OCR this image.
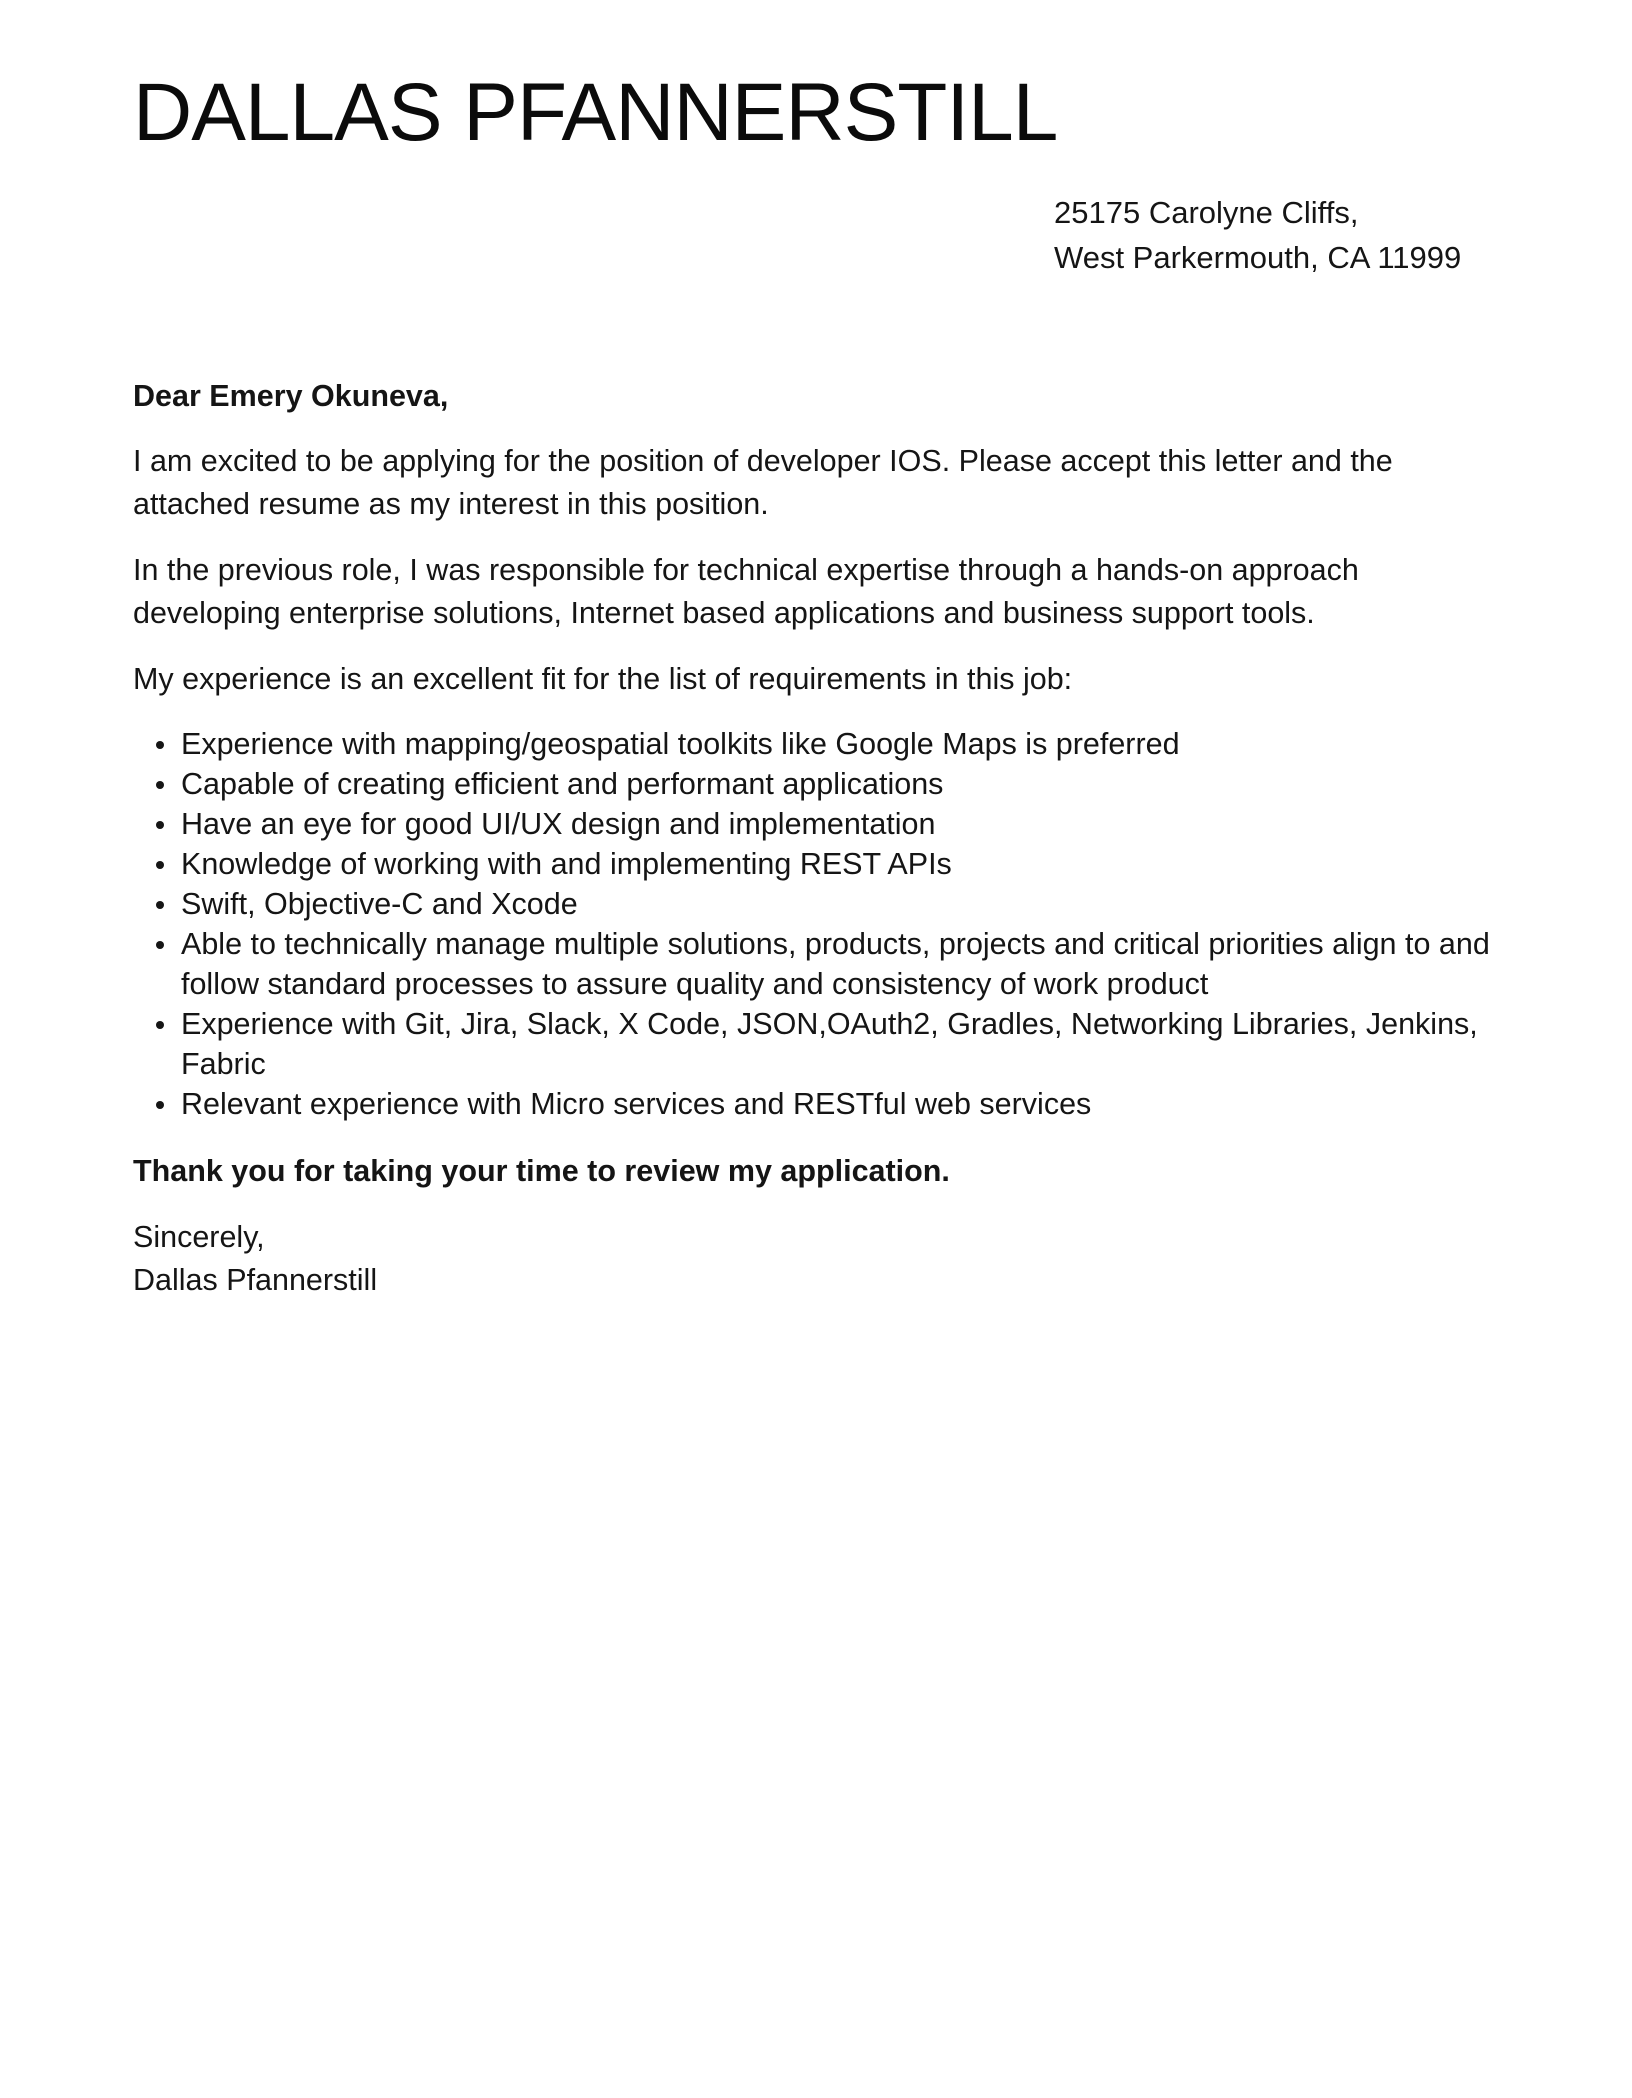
DALLAS PFANNERSTILL
25175 Carolyne Cliffs,
West Parkermouth, CA 11999

Dear Emery Okuneva,

I am excited to be applying for the position of developer IOS. Please accept this letter and the attached resume as my interest in this position.

In the previous role, I was responsible for technical expertise through a hands-on approach developing enterprise solutions, Internet based applications and business support tools.

My experience is an excellent fit for the list of requirements in this job:

Experience with mapping/geospatial toolkits like Google Maps is preferred
Capable of creating efficient and performant applications
Have an eye for good UI/UX design and implementation
Knowledge of working with and implementing REST APIs
Swift, Objective-C and Xcode
Able to technically manage multiple solutions, products, projects and critical priorities align to and follow standard processes to assure quality and consistency of work product
Experience with Git, Jira, Slack, X Code, JSON,OAuth2, Gradles, Networking Libraries, Jenkins, Fabric
Relevant experience with Micro services and RESTful web services

Thank you for taking your time to review my application.

Sincerely,
Dallas Pfannerstill
